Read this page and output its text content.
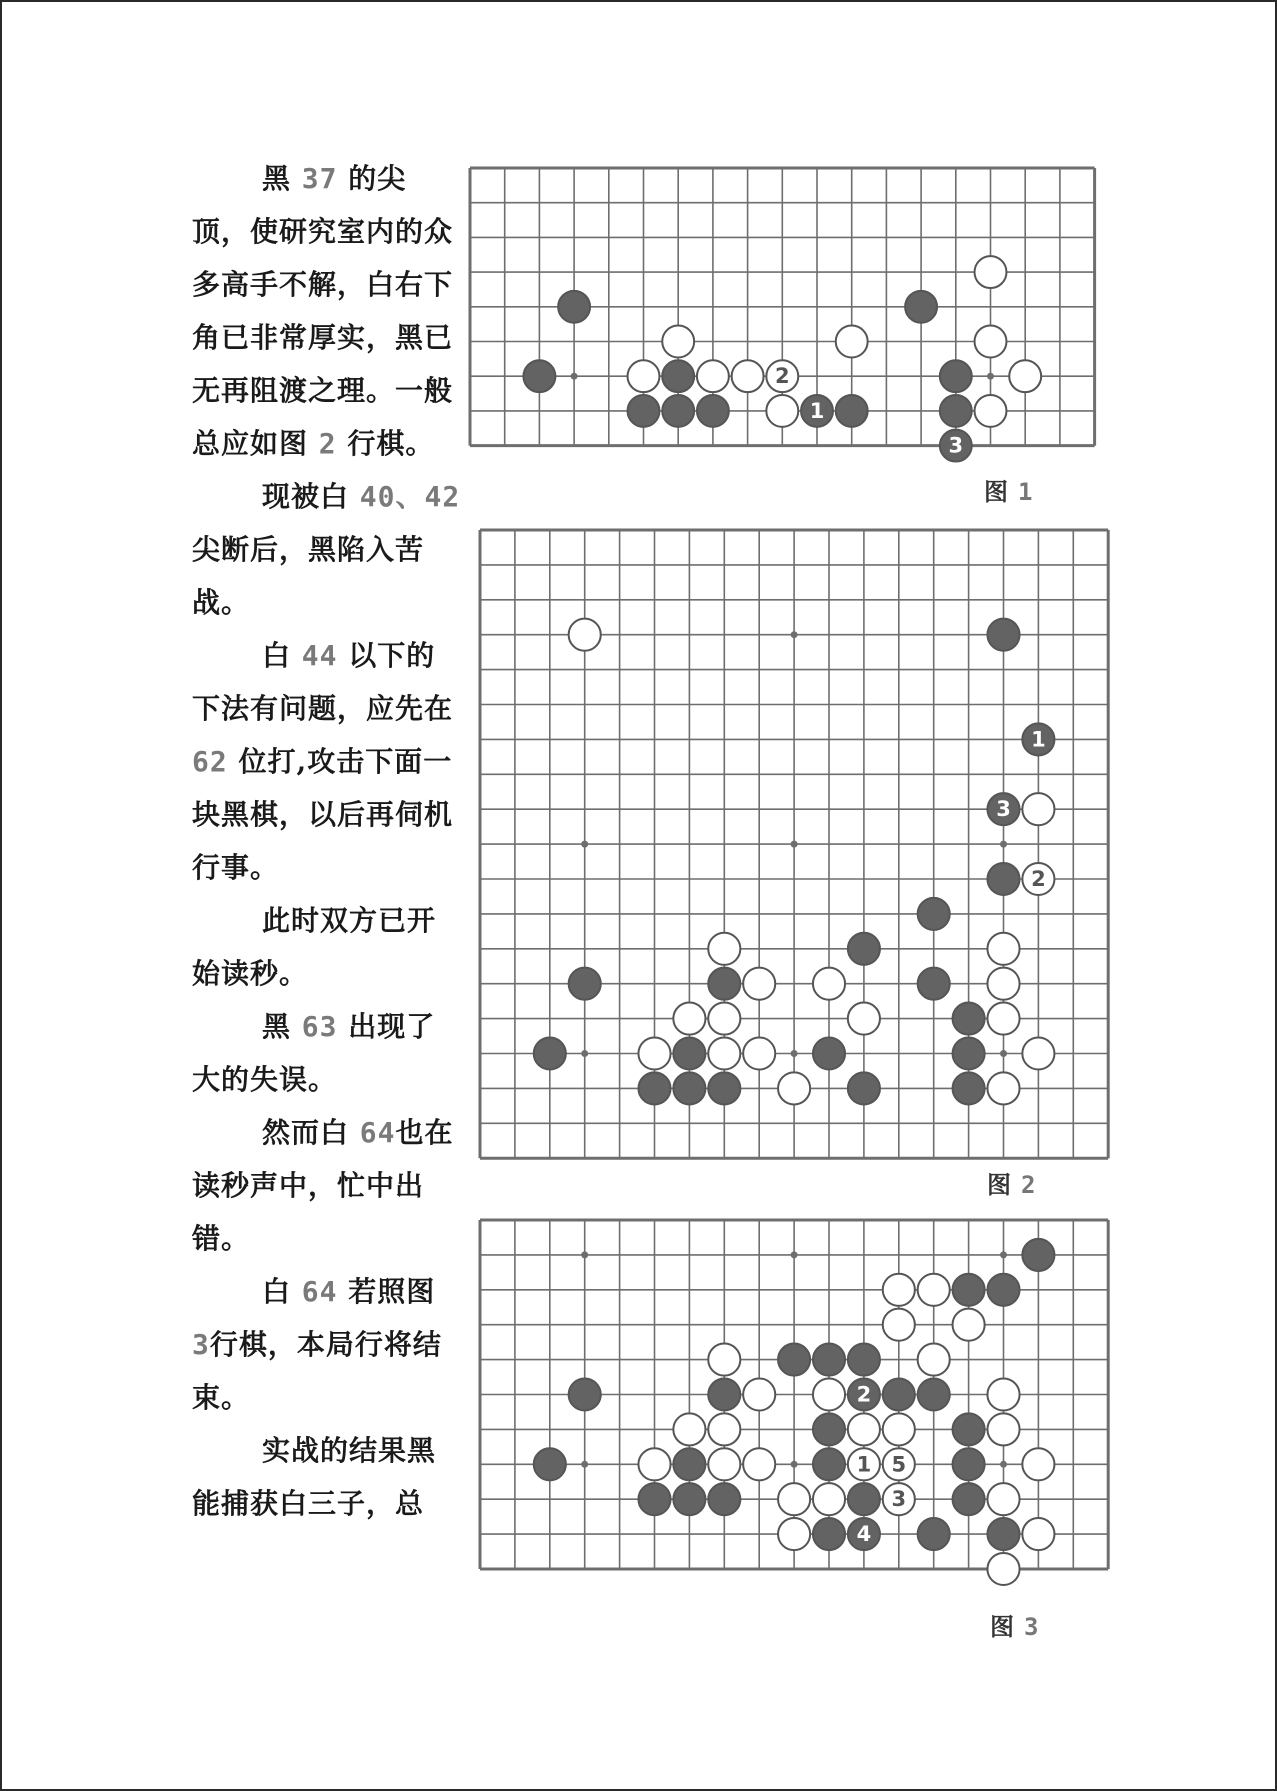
黑 37 的尖顶，使研究室内的众多高手不解，白右下角已非常厚实，黑已无再阻渡之理。一般总应如图 2 行棋。

现被白 40、42 尖断后，黑陷入苦战。

白 44 以下的下法有问题，应先在 62 位打,攻击下面一块黑棋，以后再伺机行事。

此时双方已开始读秒。

黑 63 出现了大的失误。

然而白 64也在读秒声中，忙中出错。

白 64 若照图 3行棋，本局行将结束。

实战的结果黑能捕获白三子，总

2
1
3
图 1
1
3
2
图 2
2
1 5
3
4
图 3
